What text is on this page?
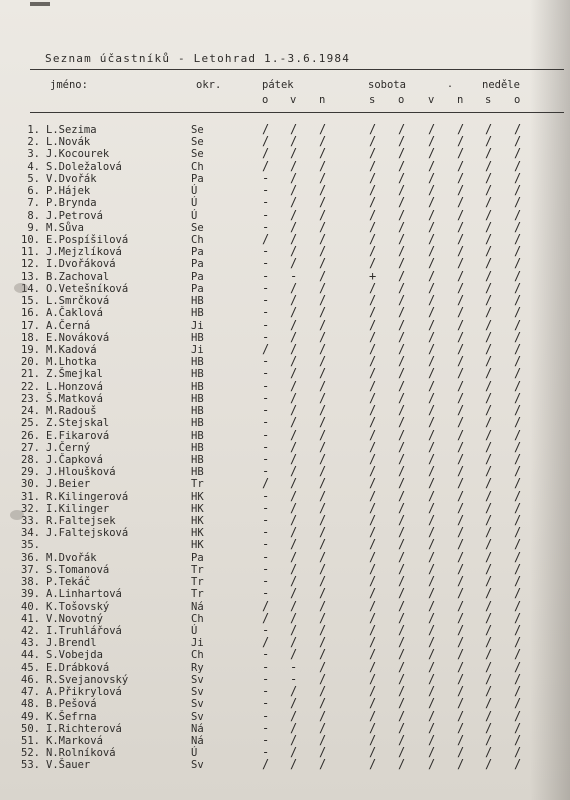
Seznam účastníků - Letohrad 1.-3.6.1984
jméno:	okr.	pátek	sobota	.	neděle
o v n	s o v n s o
1. L.Sezima	Se	/ / /	/ / / / / /
2. L.Novák	Se	/ / /	/ / / / / /
3. J.Kocourek	Se	/ / /	/ / / / / /
4. S.Doležalová	Ch	/ / /	/ / / / / /
5. V.Dvořák	Pa	- / /	/ / / / / /
6. P.Hájek	Ú	- / /	/ / / / / /
7. P.Brynda	Ú	- / /	/ / / / / /
8. J.Petrová	Ú	- / /	/ / / / / /
9. M.Sůva	Se	- / /	/ / / / / /
10. E.Pospíšilová	Ch	/ / /	/ / / / / /
11. J.Mejzlíková	Pa	- / /	/ / / / / /
12. I.Dvořáková	Pa	- / /	/ / / / / /
13. B.Zachoval	Pa	- - /	+ / / / / /
14. O.Vetešníková	Pa	- / /	/ / / / / /
15. L.Smrčková	HB	- / /	/ / / / / /
16. A.Čaklová	HB	- / /	/ / / / / /
17. A.Černá	Ji	- / /	/ / / / / /
18. E.Nováková	HB	- / /	/ / / / / /
19. M.Kadová	Ji	/ / /	/ / / / / /
20. M.Lhotka	HB	- / /	/ / / / / /
21. Z.Šmejkal	HB	- / /	/ / / / / /
22. L.Honzová	HB	- / /	/ / / / / /
23. Š.Matková	HB	- / /	/ / / / / /
24. M.Radouš	HB	- / /	/ / / / / /
25. Z.Stejskal	HB	- / /	/ / / / / /
26. E.Fikarová	HB	- / /	/ / / / / /
27. J.Černý	HB	- / /	/ / / / / /
28. J.Čapková	HB	- / /	/ / / / / /
29. J.Hloušková	HB	- / /	/ / / / / /
30. J.Beier	Tr	/ / /	/ / / / / /
31. R.Kilingerová	HK	- / /	/ / / / / /
32. I.Kilinger	HK	- / /	/ / / / / /
33. R.Faltejsek	HK	- / /	/ / / / / /
34. J.Faltejsková	HK	- / /	/ / / / / /
35.	HK	- / /	/ / / / / /
36. M.Dvořák	Pa	- / /	/ / / / / /
37. S.Tomanová	Tr	- / /	/ / / / / /
38. P.Tekáč	Tr	- / /	/ / / / / /
39. A.Linhartová	Tr	- / /	/ / / / / /
40. K.Tošovský	Ná	/ / /	/ / / / / /
41. V.Novotný	Ch	/ / /	/ / / / / /
42. I.Truhlářová	Ú	- / /	/ / / / / /
43. J.Brendl	Ji	/ / /	/ / / / / /
44. S.Vobejda	Ch	- / /	/ / / / / /
45. E.Drábková	Ry	- - /	/ / / / / /
46. R.Svejanovský	Sv	- - /	/ / / / / /
47. A.Přikrylová	Sv	- / /	/ / / / / /
48. B.Pešová	Sv	- / /	/ / / / / /
49. K.Šefrna	Sv	- / /	/ / / / / /
50. I.Richterová	Ná	- / /	/ / / / / /
51. K.Marková	Ná	- / /	/ / / / / /
52. N.Rolníková	Ú	- / /	/ / / / / /
53. V.Šauer	Sv	/ / /	/ / / / / /
